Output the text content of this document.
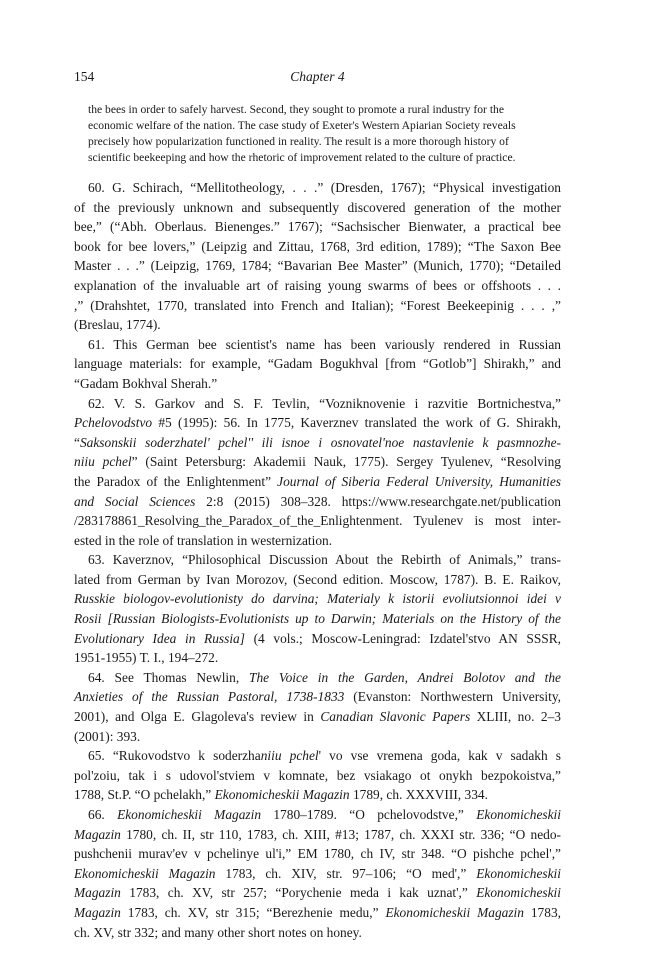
154	Chapter 4
the bees in order to safely harvest. Second, they sought to promote a rural industry for the
economic welfare of the nation. The case study of Exeter's Western Apiarian Society reveals
precisely how popularization functioned in reality. The result is a more thorough history of
scientific beekeeping and how the rhetoric of improvement related to the culture of practice.
60. G. Schirach, “Mellitotheology, . . .” (Dresden, 1767); “Physical investigation
of the previously unknown and subsequently discovered generation of the mother
bee,” (“Abh. Oberlaus. Bienenges.” 1767); “Sachsischer Bienwater, a practical bee
book for bee lovers,” (Leipzig and Zittau, 1768, 3rd edition, 1789); “The Saxon Bee
Master . . .” (Leipzig, 1769, 1784; “Bavarian Bee Master” (Munich, 1770); “Detailed
explanation of the invaluable art of raising young swarms of bees or offshoots . . .
,” (Drahshtet, 1770, translated into French and Italian); “Forest Beekeepinig . . . ,”
(Breslau, 1774).
61. This German bee scientist's name has been variously rendered in Russian
language materials: for example, “Gadam Bogukhval [from “Gotlob”] Shirakh,” and
“Gadam Bokhval Sherah.”
62. V. S. Garkov and S. F. Tevlin, “Vozniknovenie i razvitie Bortnichestva,”
Pchelovodstvo #5 (1995): 56. In 1775, Kaverznev translated the work of G. Shirakh,
“Saksonskii soderzhatel' pchel'' ili isnoe i osnovatel'noe nastavlenie k pasmnozhe-
niiu pchel” (Saint Petersburg: Akademii Nauk, 1775). Sergey Tyulenev, “Resolving
the Paradox of the Enlightenment” Journal of Siberia Federal University, Humanities
and Social Sciences 2:8 (2015) 308–328. https://www.researchgate.net/publication
/283178861_Resolving_the_Paradox_of_the_Enlightenment. Tyulenev is most inter-
ested in the role of translation in westernization.
63. Kaverznov, “Philosophical Discussion About the Rebirth of Animals,” trans-
lated from German by Ivan Morozov, (Second edition. Moscow, 1787). B. E. Raikov,
Russkie biologov-evolutionisty do darvina; Materialy k istorii evoliutsionnoi idei v
Rosii [Russian Biologists-Evolutionists up to Darwin; Materials on the History of the
Evolutionary Idea in Russia] (4 vols.; Moscow-Leningrad: Izdatel'stvo AN SSSR,
1951-1955) T. I., 194–272.
64. See Thomas Newlin, The Voice in the Garden, Andrei Bolotov and the
Anxieties of the Russian Pastoral, 1738-1833 (Evanston: Northwestern University,
2001), and Olga E. Glagoleva's review in Canadian Slavonic Papers XLIII, no. 2–3
(2001): 393.
65. “Rukovodstvo k soderzhaniiu pchel' vo vse vremena goda, kak v sadakh s
pol'zoiu, tak i s udovol'stviem v komnate, bez vsiakago ot onykh bezpokoistva,”
1788, St.P. “O pchelakh,” Ekonomicheskii Magazin 1789, ch. XXXVIII, 334.
66. Ekonomicheskii Magazin 1780–1789. “O pchelovodstve,” Ekonomicheskii
Magazin 1780, ch. II, str 110, 1783, ch. XIII, #13; 1787, ch. XXXI str. 336; “O nedo-
pushchenii murav'ev v pchelinye ul'i,” EM 1780, ch IV, str 348. “O pishche pchel',”
Ekonomicheskii Magazin 1783, ch. XIV, str. 97–106; “O med',” Ekonomicheskii
Magazin 1783, ch. XV, str 257; “Porychenie meda i kak uznat',” Ekonomicheskii
Magazin 1783, ch. XV, str 315; “Berezhenie medu,” Ekonomicheskii Magazin 1783,
ch. XV, str 332; and many other short notes on honey.
